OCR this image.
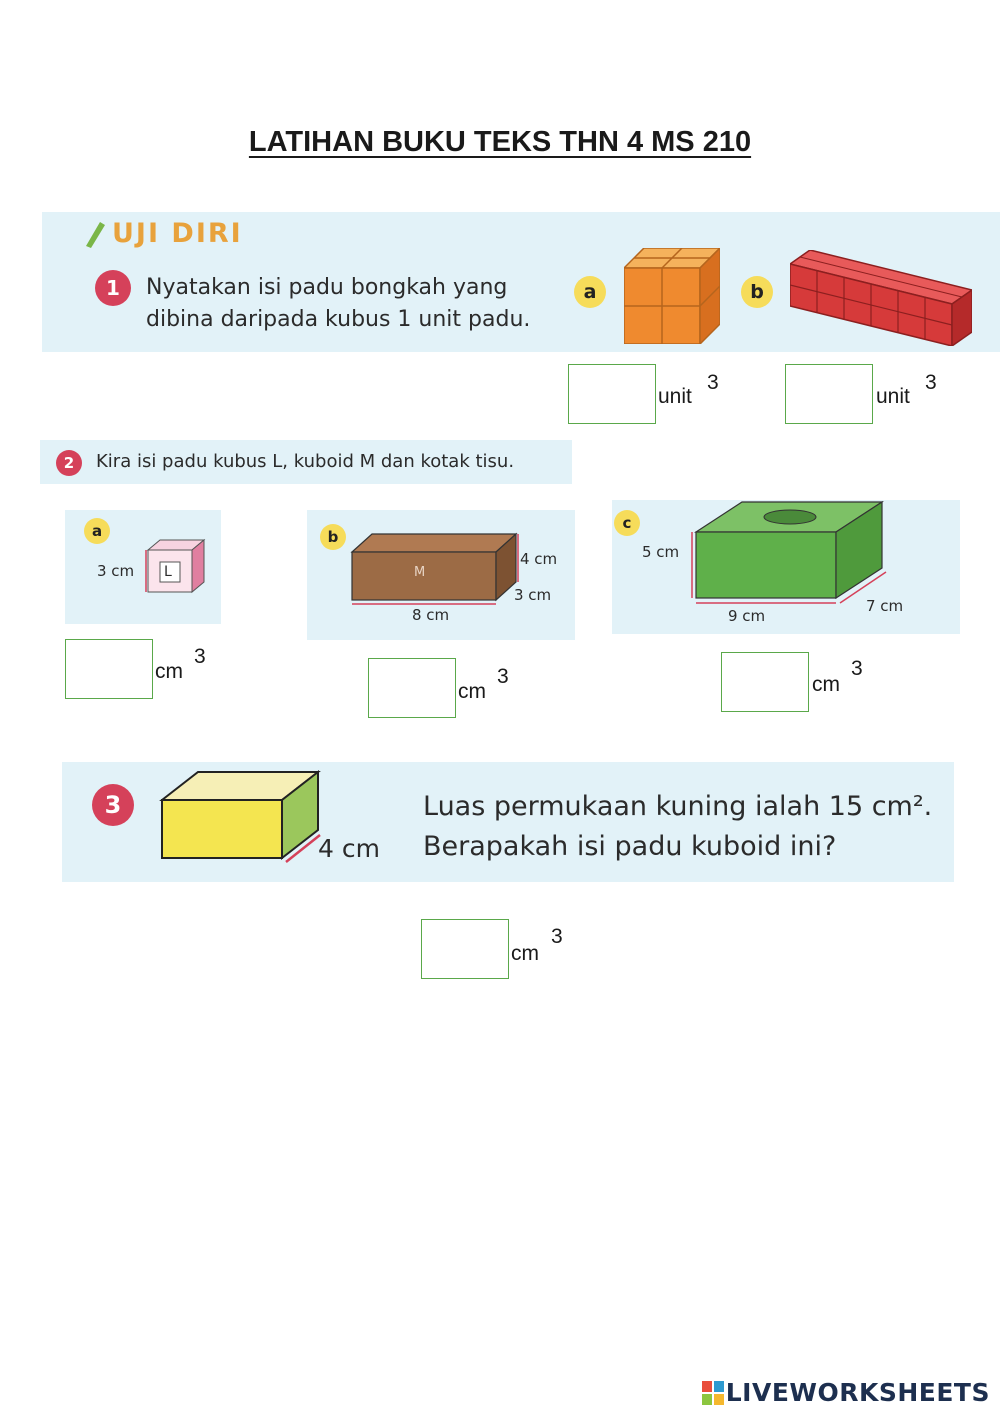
LATIHAN BUKU TEKS THN 4 MS 210
UJI DIRI
1	Nyatakan isi padu bongkah yang
dibina daripada kubus 1 unit padu.
a	b
unit
3
unit
3
2	Kira isi padu kubus L, kuboid M dan kotak tisu.
a
3 cm L
b
M
4 cm
3 cm
8 cm
c
5 cm
9 cm
7 cm
cm
3
cm
3	cm
3
3
4 cm
Luas permukaan kuning ialah 15 cm².
Berapakah isi padu kuboid ini?
cm
3
LIVEWORKSHEETS
